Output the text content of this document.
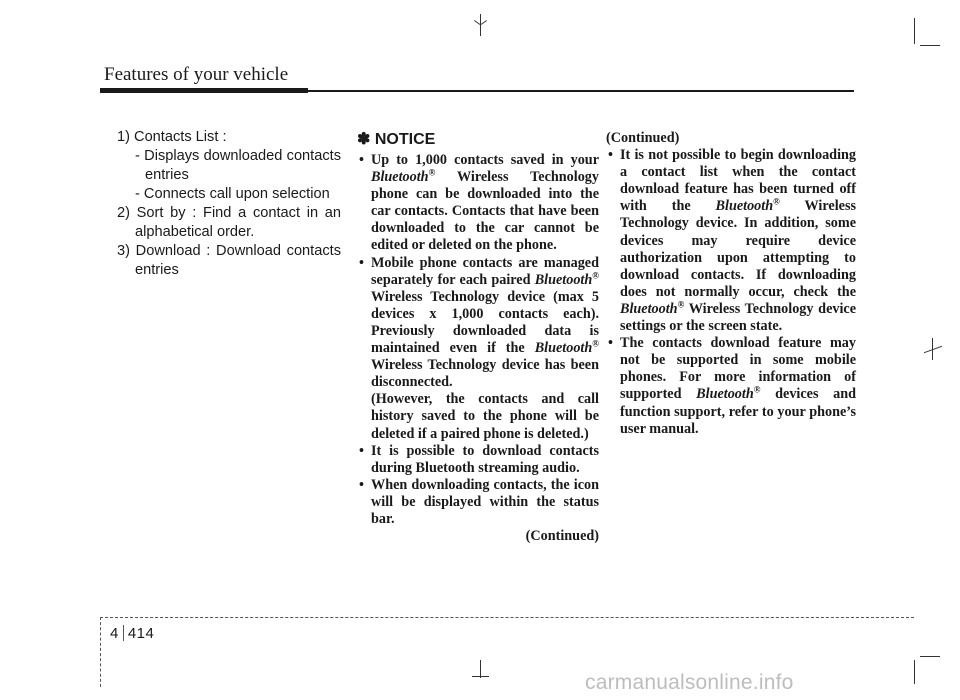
Features of your vehicle
1) Contacts List :
- Displays downloaded contacts entries
- Connects call upon selection
2) Sort by : Find a contact in an alphabetical order.
3) Download : Download contacts entries
✽ NOTICE
• Up to 1,000 contacts saved in your Bluetooth® Wireless Technology phone can be downloaded into the car contacts. Contacts that have been downloaded to the car cannot be edited or deleted on the phone.
• Mobile phone contacts are managed separately for each paired Bluetooth® Wireless Technology device (max 5 devices x 1,000 contacts each). Previously downloaded data is maintained even if the Bluetooth® Wireless Technology device has been disconnected.
(However, the contacts and call history saved to the phone will be deleted if a paired phone is deleted.)
• It is possible to download contacts during Bluetooth streaming audio.
• When downloading contacts, the icon will be displayed within the status bar.
(Continued)
(Continued)
• It is not possible to begin downloading a contact list when the contact download feature has been turned off with the Bluetooth® Wireless Technology device. In addition, some devices may require device authorization upon attempting to download contacts. If downloading does not normally occur, check the Bluetooth® Wireless Technology device settings or the screen state.
• The contacts download feature may not be supported in some mobile phones. For more information of supported Bluetooth® devices and function support, refer to your phone’s user manual.
4 414
carmanualsonline.info
